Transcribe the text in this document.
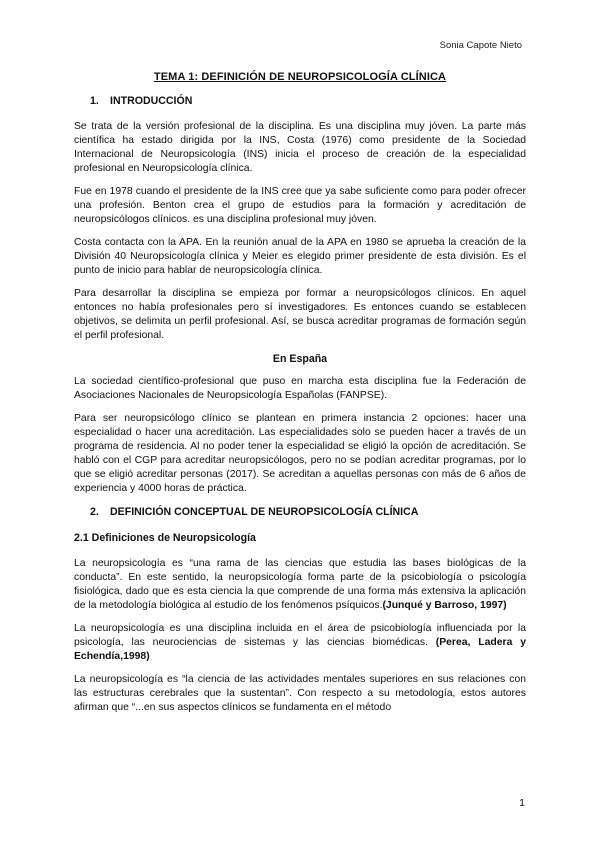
Sonia Capote Nieto
TEMA 1: DEFINICIÓN DE NEUROPSICOLOGÍA CLÍNICA
1. INTRODUCCIÓN

Se trata de la versión profesional de la disciplina. Es una disciplina muy jóven. La parte más científica ha estado dirigida por la INS, Costa (1976) como presidente de la Sociedad Internacional de Neuropsicología (INS) inicia el proceso de creación de la especialidad profesional en Neuropsicología clínica.

Fue en 1978 cuando el presidente de la INS cree que ya sabe suficiente como para poder ofrecer una profesión. Benton crea el grupo de estudios para la formación y acreditación de neuropsicólogos clínicos. es una disciplina profesional muy jóven.

Costa contacta con la APA. En la reunión anual de la APA en 1980 se aprueba la creación de la División 40 Neuropsicología clínica y Meier es elegido primer presidente de esta división. Es el punto de inicio para hablar de neuropsicología clínica.

Para desarrollar la disciplina se empieza por formar a neuropsicólogos clínicos. En aquel entonces no había profesionales pero sí investigadores. Es entonces cuando se establecen objetivos, se delimita un perfil profesional. Así, se busca acreditar programas de formación según el perfil profesional.

En España

La sociedad científico-profesional que puso en marcha esta disciplina fue la Federación de Asociaciones Nacionales de Neuropsicología Españolas (FANPSE).

Para ser neuropsicólogo clínico se plantean en primera instancia 2 opciones: hacer una especialidad o hacer una acreditación. Las especialidades solo se pueden hacer a través de un programa de residencia. Al no poder tener la especialidad se eligió la opción de acreditación. Se habló con el CGP para acreditar neuropsicólogos, pero no se podían acreditar programas, por lo que se eligió acreditar personas (2017). Se acreditan a aquellas personas con más de 6 años de experiencia y 4000 horas de práctica.

2. DEFINICIÓN CONCEPTUAL DE NEUROPSICOLOGÍA CLÍNICA
2.1 Definiciones de Neuropsicología

La neuropsicología es “una rama de las ciencias que estudia las bases biológicas de la conducta”. En este sentido, la neuropsicología forma parte de la psicobiología o psicología fisiológica, dado que es esta ciencia la que comprende de una forma más extensiva la aplicación de la metodología biológica al estudio de los fenómenos psíquicos.(Junqué y Barroso, 1997)

La neuropsicología es una disciplina incluida en el área de psicobiología influenciada por la psicología, las neurociencias de sistemas y las ciencias biomédicas. (Perea, Ladera y Echendía,1998)

La neuropsicología es “la ciencia de las actividades mentales superiores en sus relaciones con las estructuras cerebrales que la sustentan”. Con respecto a su metodología, estos autores afirman que “...en sus aspectos clínicos se fundamenta en el método

1
